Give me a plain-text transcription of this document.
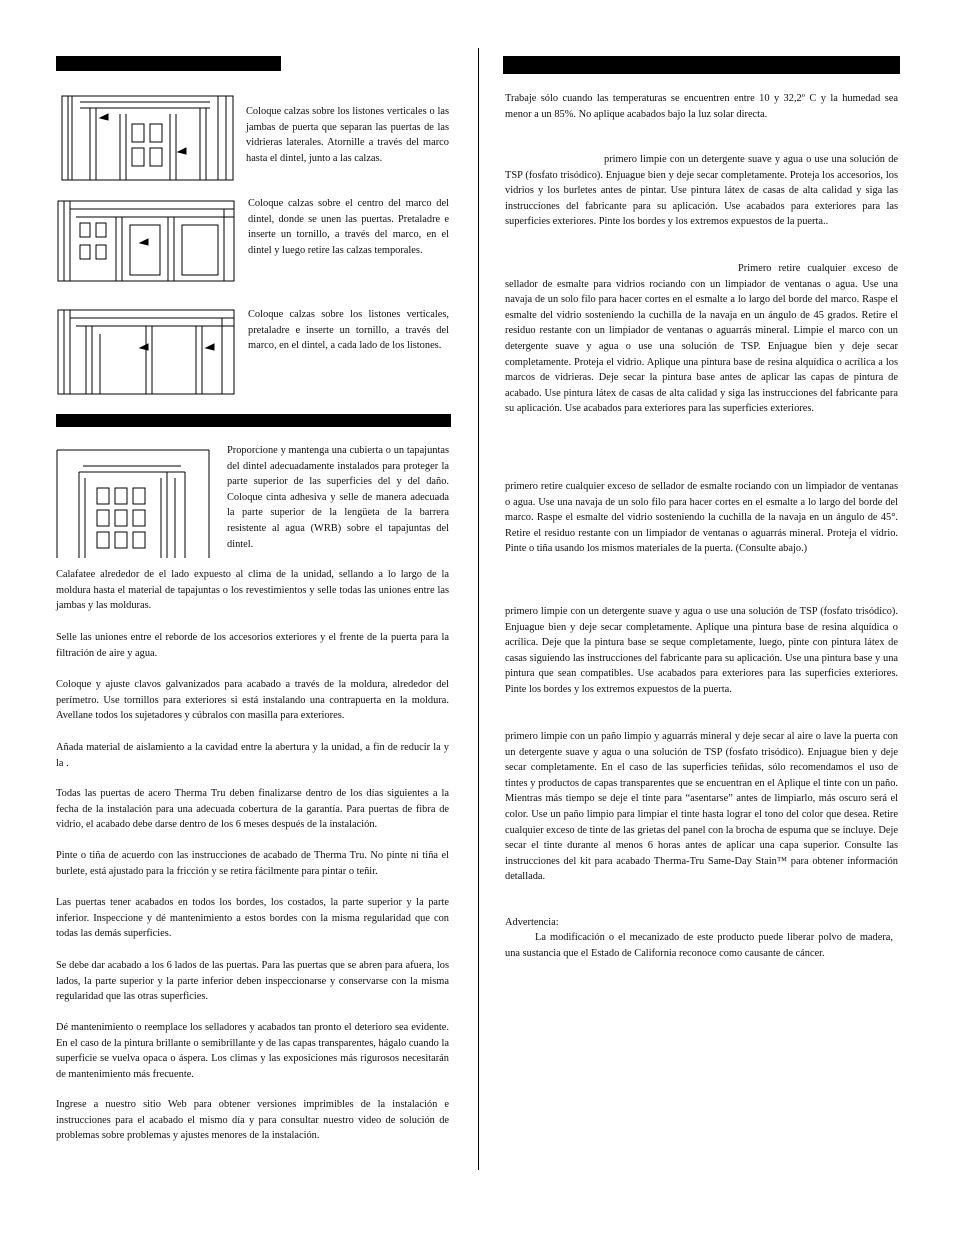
Coloque calzas sobre los listones verticales o las jambas de puerta que separan las puertas de las vidrieras laterales. Atornille a través del marco hasta el dintel, junto a las calzas.

Coloque calzas sobre el centro del marco del dintel, donde se unen las puertas. Pretaladre e inserte un tornillo, a través del marco, en el dintel y luego retire las calzas temporales.

Coloque calzas sobre los listones verticales, pretaladre e inserte un tornillo, a través del marco, en el dintel, a cada lado de los listones.

Proporcione y mantenga una cubierta o un tapajuntas del dintel adecuadamente instalados para proteger la parte superior de las superficies del y del daño. Coloque cinta adhesiva y selle de manera adecuada la parte superior de la lengüeta de la barrera resistente al agua (WRB) sobre el tapajuntas del dintel.

Calafatee alrededor de el lado expuesto al clima de la unidad, sellando a lo largo de la moldura hasta el material de tapajuntas o los revestimientos y selle todas las uniones entre las jambas y las molduras.

Selle las uniones entre el reborde de los accesorios exteriores y el frente de la puerta para la filtración de aire y agua.

Coloque y ajuste clavos galvanizados para acabado a través de la moldura, alrededor del perímetro. Use tornillos para exteriores si está instalando una contrapuerta en la moldura. Avellane todos los sujetadores y cúbralos con masilla para exteriores.

Añada material de aislamiento a la cavidad entre la abertura y la unidad, a fin de reducir la y la .

Todas las puertas de acero Therma Tru deben finalizarse dentro de los días siguientes a la fecha de la instalación para una adecuada cobertura de la garantía. Para puertas de fibra de vidrio, el acabado debe darse dentro de los 6 meses después de la instalación.

Pinte o tiña de acuerdo con las instrucciones de acabado de Therma Tru. No pinte ni tiña el burlete, está ajustado para la fricción y se retira fácilmente para pintar o teñir.

Las puertas tener acabados en todos los bordes, los costados, la parte superior y la parte inferior. Inspeccione y dé mantenimiento a estos bordes con la misma regularidad que con todas las demás superficies.

Se debe dar acabado a los 6 lados de las puertas. Para las puertas que se abren para afuera, los lados, la parte superior y la parte inferior deben inspeccionarse y conservarse con la misma regularidad que las otras superficies.

Dé mantenimiento o reemplace los selladores y acabados tan pronto el deterioro sea evidente. En el caso de la pintura brillante o semibrillante y de las capas transparentes, hágalo cuando la superficie se vuelva opaca o áspera. Los climas y las exposiciones más rigurosos necesitarán de mantenimiento más frecuente.

Ingrese a nuestro sitio Web para obtener versiones imprimibles de la instalación e instrucciones para el acabado el mismo día y para consultar nuestro video de solución de problemas sobre problemas y ajustes menores de la instalación.

Trabaje sólo cuando las temperaturas se encuentren entre 10 y 32,2º C y la humedad sea menor a un 85%. No aplique acabados bajo la luz solar directa.

primero limpie con un detergente suave y agua o use una solución de TSP (fosfato trisódico). Enjuague bien y deje secar completamente. Proteja los accesorios, los vidrios y los burletes antes de pintar. Use pintura látex de casas de alta calidad y siga las instrucciones del fabricante para su aplicación. Use acabados para exteriores para las superficies exteriores. Pinte los bordes y los extremos expuestos de la puerta..

Primero retire cualquier exceso de sellador de esmalte para vidrios rociando con un limpiador de ventanas o agua. Use una navaja de un solo filo para hacer cortes en el esmalte a lo largo del borde del marco. Raspe el esmalte del vidrio sosteniendo la cuchilla de la navaja en un ángulo de 45 grados. Retire el residuo restante con un limpiador de ventanas o aguarrás mineral. Limpie el marco con un detergente suave y agua o use una solución de TSP. Enjuague bien y deje secar completamente. Proteja el vidrio. Aplique una pintura base de resina alquídica o acrílica a los marcos de vidrieras. Deje secar la pintura base antes de aplicar las capas de pintura de acabado. Use pintura látex de casas de alta calidad y siga las instrucciones del fabricante para su aplicación. Use acabados para exteriores para las superficies exteriores.

primero retire cualquier exceso de sellador de esmalte rociando con un limpiador de ventanas o agua. Use una navaja de un solo filo para hacer cortes en el esmalte a lo largo del borde del marco. Raspe el esmalte del vidrio sosteniendo la cuchilla de la navaja en un ángulo de 45°. Retire el residuo restante con un limpiador de ventanas o aguarrás mineral. Proteja el vidrio. Pinte o tiña usando los mismos materiales de la puerta. (Consulte abajo.)

primero limpie con un detergente suave y agua o use una solución de TSP (fosfato trisódico). Enjuague bien y deje secar completamente. Aplique una pintura base de resina alquídica o acrílica. Deje que la pintura base se seque completamente, luego, pinte con pintura látex de casas siguiendo las instrucciones del fabricante para su aplicación. Use una pintura base y una pintura que sean compatibles. Use acabados para exteriores para las superficies exteriores. Pinte los bordes y los extremos expuestos de la puerta.

primero limpie con un paño limpio y aguarrás mineral y deje secar al aire o lave la puerta con un detergente suave y agua o una solución de TSP (fosfato trisódico). Enjuague bien y deje secar completamente. En el caso de las superficies teñidas, sólo recomendamos el uso de tintes y productos de capas transparentes que se encuentran en el Aplique el tinte con un paño. Mientras más tiempo se deje el tinte para “asentarse” antes de limpiarlo, más oscuro será el color. Use un paño limpio para limpiar el tinte hasta lograr el tono del color que desea. Retire cualquier exceso de tinte de las grietas del panel con la brocha de espuma que se incluye. Deje secar el tinte durante al menos 6 horas antes de aplicar una capa superior. Consulte las instrucciones del kit para acabado Therma-Tru Same-Day Stain™ para obtener información detallada.

Advertencia:

La modificación o el mecanizado de este producto puede liberar polvo de madera, una sustancia que el Estado de California reconoce como causante de cáncer.
